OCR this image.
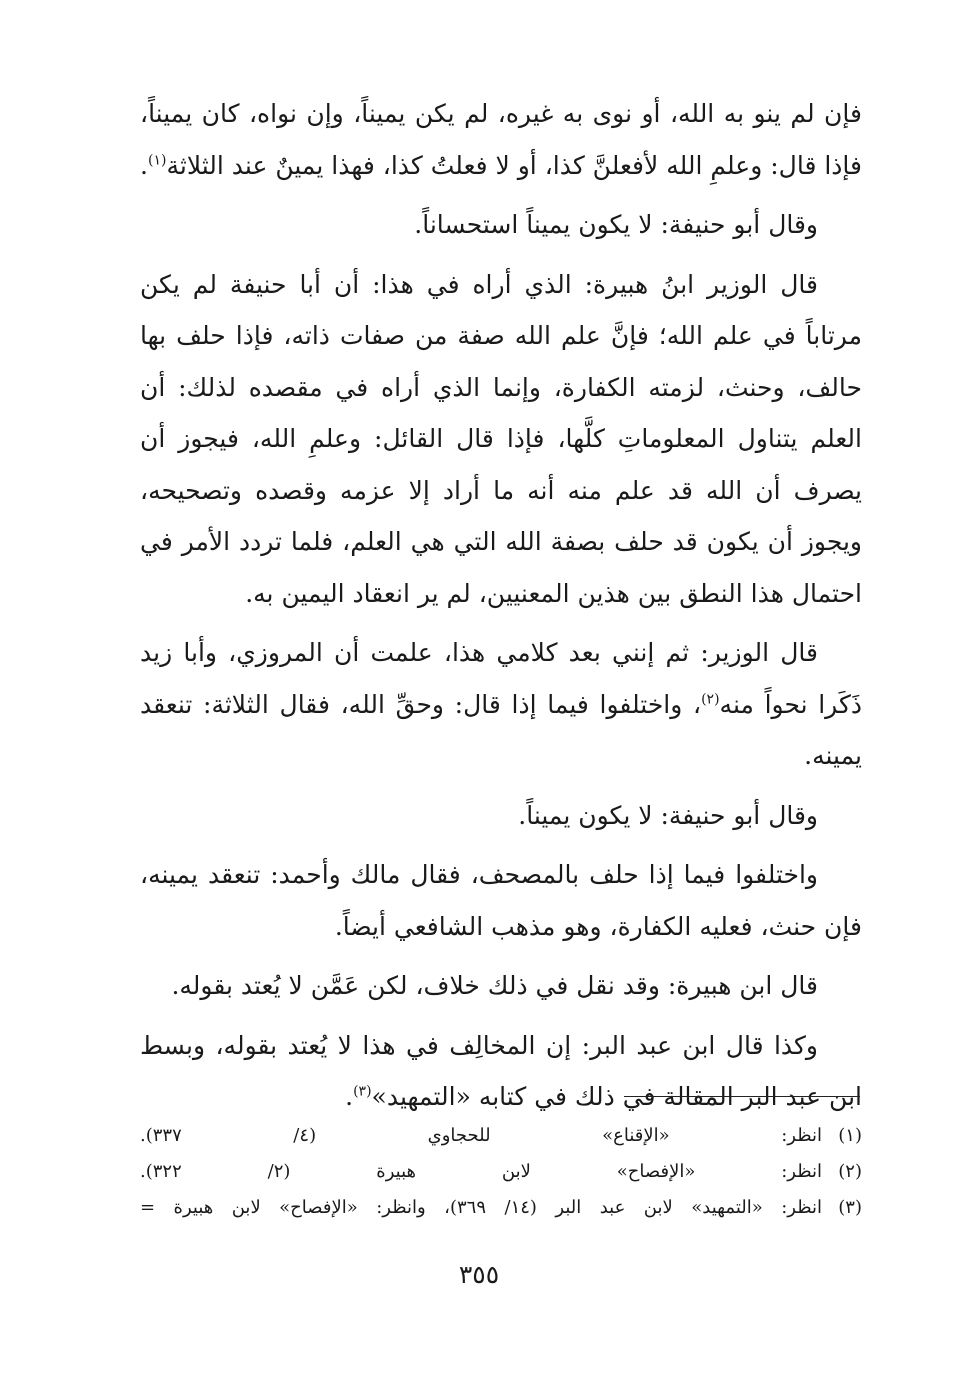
فإن لم ينو به الله، أو نوى به غيره، لم يكن يميناً، وإن نواه، كان يميناً، فإذا قال: وعلمِ الله لأفعلنَّ كذا، أو لا فعلتُ كذا، فهذا يمينٌ عند الثلاثة$^{(١)}$.

وقال أبو حنيفة: لا يكون يميناً استحساناً.

قال الوزير ابنُ هبيرة: الذي أراه في هذا: أن أبا حنيفة لم يكن مرتاباً في علم الله؛ فإنَّ علم الله صفة من صفات ذاته، فإذا حلف بها حالف، وحنث، لزمته الكفارة، وإنما الذي أراه في مقصده لذلك: أن العلم يتناول المعلوماتِ كلَّها، فإذا قال القائل: وعلمِ الله، فيجوز أن يصرف أن الله قد علم منه أنه ما أراد إلا عزمه وقصده وتصحيحه، ويجوز أن يكون قد حلف بصفة الله التي هي العلم، فلما تردد الأمر في احتمال هذا النطق بين هذين المعنيين، لم ير انعقاد اليمين به.

قال الوزير: ثم إنني بعد كلامي هذا، علمت أن المروزي، وأبا زيد ذَكَرا نحواً منه$^{(٢)}$، واختلفوا فيما إذا قال: وحقِّ الله، فقال الثلاثة: تنعقد يمينه.

وقال أبو حنيفة: لا يكون يميناً.

واختلفوا فيما إذا حلف بالمصحف، فقال مالك وأحمد: تنعقد يمينه، فإن حنث، فعليه الكفارة، وهو مذهب الشافعي أيضاً.

قال ابن هبيرة: وقد نقل في ذلك خلاف، لكن عَمَّن لا يُعتد بقوله.

وكذا قال ابن عبد البر: إن المخالِف في هذا لا يُعتد بقوله، وبسط ابن عبد البر المقالة في ذلك في كتابه «التمهيد»$^{(٣)}$.

(١)انظر: «الإقناع» للحجاوي (٤/ ٣٣٧).

(٢)انظر: «الإفصاح» لابن هبيرة (٢/ ٣٢٢).

(٣)انظر: «التمهيد» لابن عبد البر (١٤/ ٣٦٩)، وانظر: «الإفصاح» لابن هبيرة =

٣٥٥
